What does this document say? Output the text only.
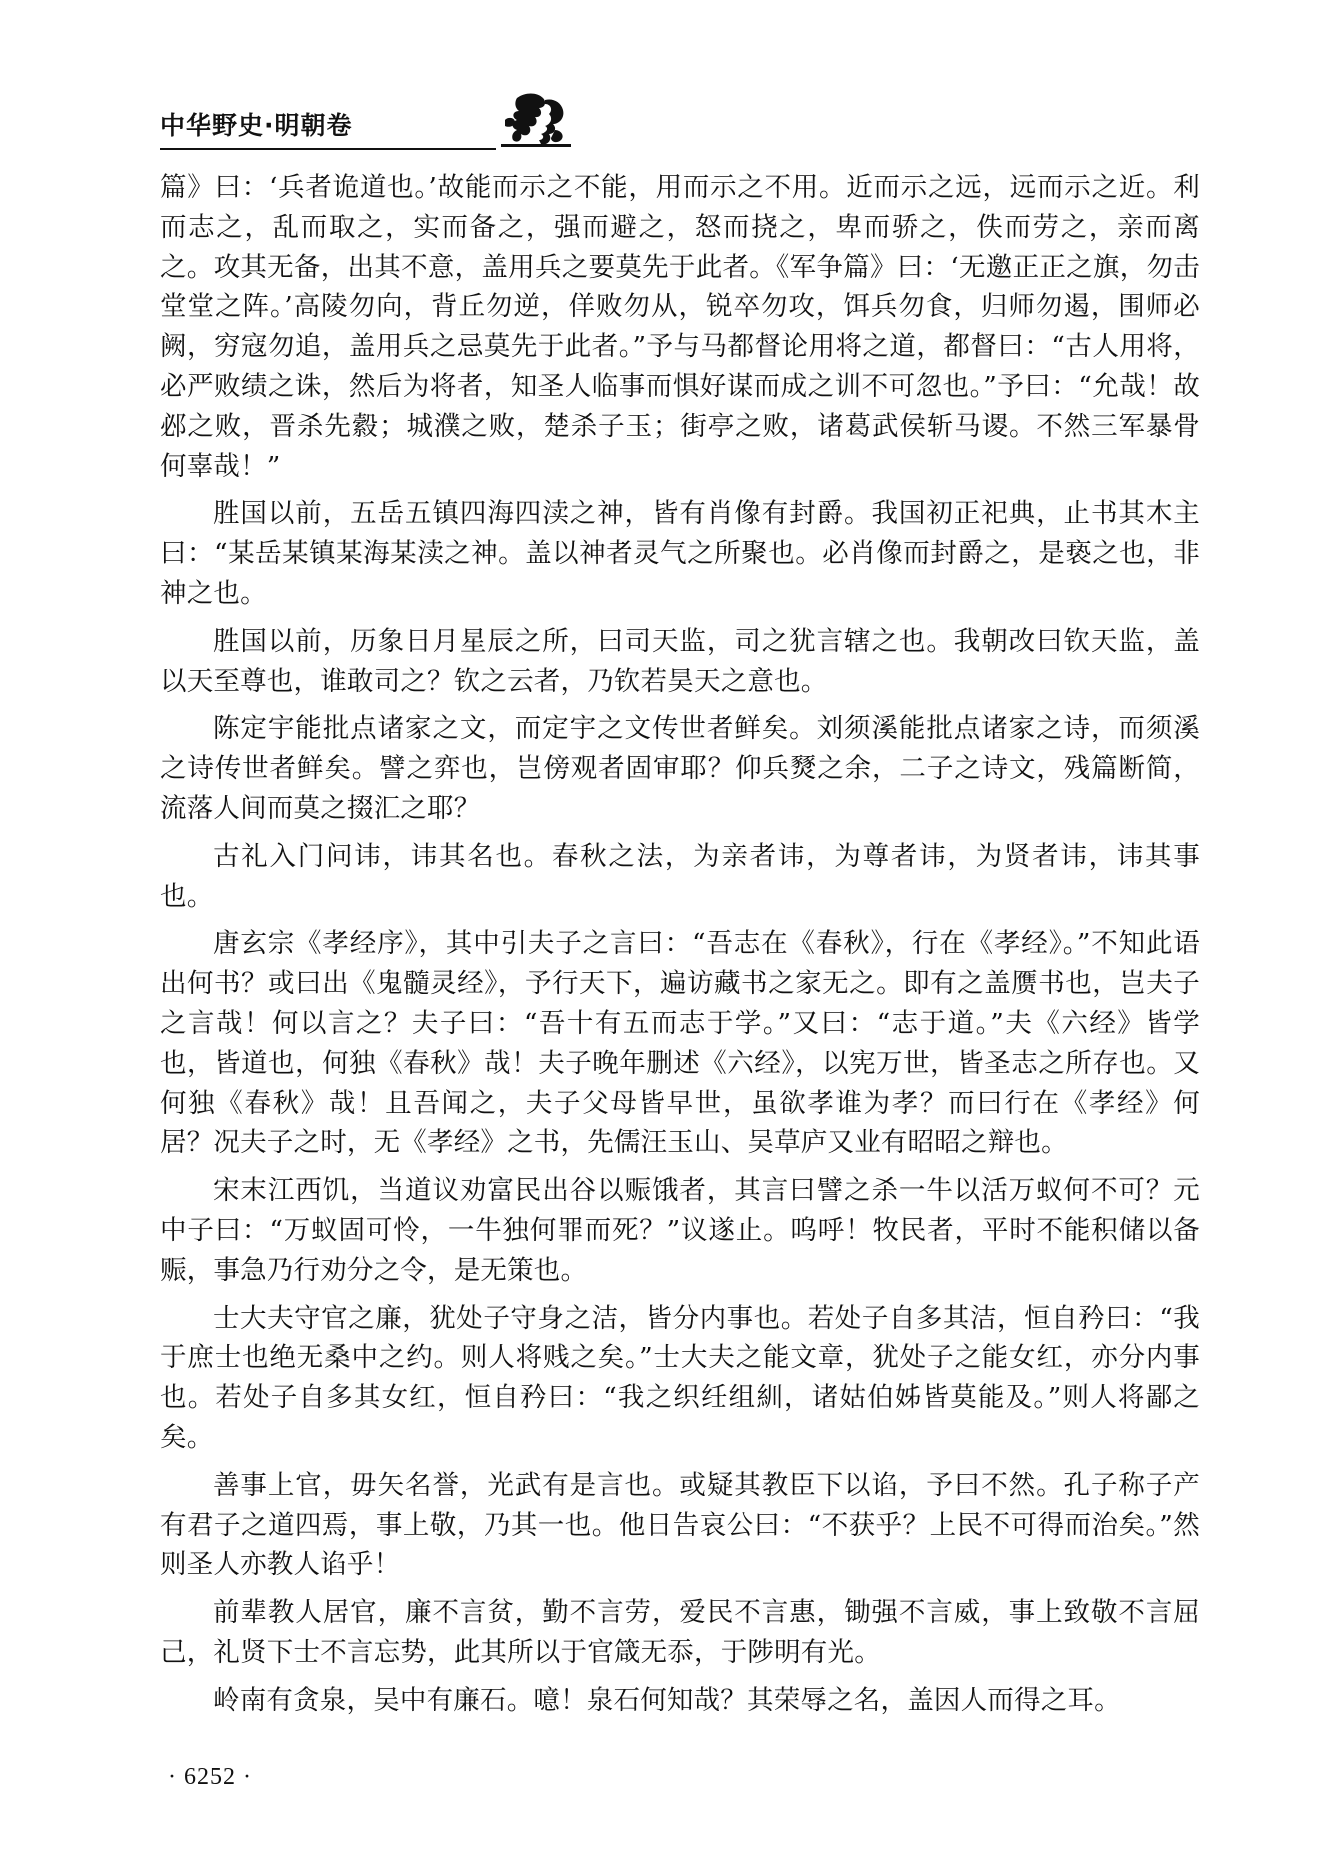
中华野史·明朝卷

篇》曰：‘兵者诡道也。’故能而示之不能，用而示之不用。近而示之远，远而示之近。利而志之，乱而取之，实而备之，强而避之，怒而挠之，卑而骄之，佚而劳之，亲而离之。攻其无备，出其不意，盖用兵之要莫先于此者。《军争篇》曰：‘无邀正正之旗，勿击堂堂之阵。’高陵勿向，背丘勿逆，佯败勿从，锐卒勿攻，饵兵勿食，归师勿遏，围师必阙，穷寇勿追，盖用兵之忌莫先于此者。”予与马都督论用将之道，都督曰：“古人用将，必严败绩之诛，然后为将者，知圣人临事而惧好谋而成之训不可忽也。”予曰：“允哉！故邲之败，晋杀先縠；城濮之败，楚杀子玉；街亭之败，诸葛武侯斩马谡。不然三军暴骨何辜哉！”

胜国以前，五岳五镇四海四渎之神，皆有肖像有封爵。我国初正祀典，止书其木主曰：“某岳某镇某海某渎之神。盖以神者灵气之所聚也。必肖像而封爵之，是亵之也，非神之也。

胜国以前，历象日月星辰之所，曰司天监，司之犹言辖之也。我朝改曰钦天监，盖以天至尊也，谁敢司之？钦之云者，乃钦若昊天之意也。

陈定宇能批点诸家之文，而定宇之文传世者鲜矣。刘须溪能批点诸家之诗，而须溪之诗传世者鲜矣。譬之弈也，岂傍观者固审耶？仰兵燹之余，二子之诗文，残篇断简，流落人间而莫之掇汇之耶？

古礼入门问讳，讳其名也。春秋之法，为亲者讳，为尊者讳，为贤者讳，讳其事也。

唐玄宗《孝经序》，其中引夫子之言曰：“吾志在《春秋》，行在《孝经》。”不知此语出何书？或曰出《鬼髓灵经》，予行天下，遍访藏书之家无之。即有之盖赝书也，岂夫子之言哉！何以言之？夫子曰：“吾十有五而志于学。”又曰：“志于道。”夫《六经》皆学也，皆道也，何独《春秋》哉！夫子晚年删述《六经》，以宪万世，皆圣志之所存也。又何独《春秋》哉！且吾闻之，夫子父母皆早世，虽欲孝谁为孝？而曰行在《孝经》何居？况夫子之时，无《孝经》之书，先儒汪玉山、吴草庐又业有昭昭之辩也。

宋末江西饥，当道议劝富民出谷以赈饿者，其言曰譬之杀一牛以活万蚁何不可？元中子曰：“万蚁固可怜，一牛独何罪而死？”议遂止。呜呼！牧民者，平时不能积储以备赈，事急乃行劝分之令，是无策也。

士大夫守官之廉，犹处子守身之洁，皆分内事也。若处子自多其洁，恒自矜曰：“我于庶士也绝无桑中之约。则人将贱之矣。”士大夫之能文章，犹处子之能女红，亦分内事也。若处子自多其女红，恒自矜曰：“我之织纴组紃，诸姑伯姊皆莫能及。”则人将鄙之矣。

善事上官，毋矢名誉，光武有是言也。或疑其教臣下以谄，予曰不然。孔子称子产有君子之道四焉，事上敬，乃其一也。他日告哀公曰：“不获乎？上民不可得而治矣。”然则圣人亦教人谄乎！

前辈教人居官，廉不言贫，勤不言劳，爱民不言惠，锄强不言威，事上致敬不言屈己，礼贤下士不言忘势，此其所以于官箴无忝，于陟明有光。

岭南有贪泉，吴中有廉石。噫！泉石何知哉？其荣辱之名，盖因人而得之耳。

· 6252 ·
